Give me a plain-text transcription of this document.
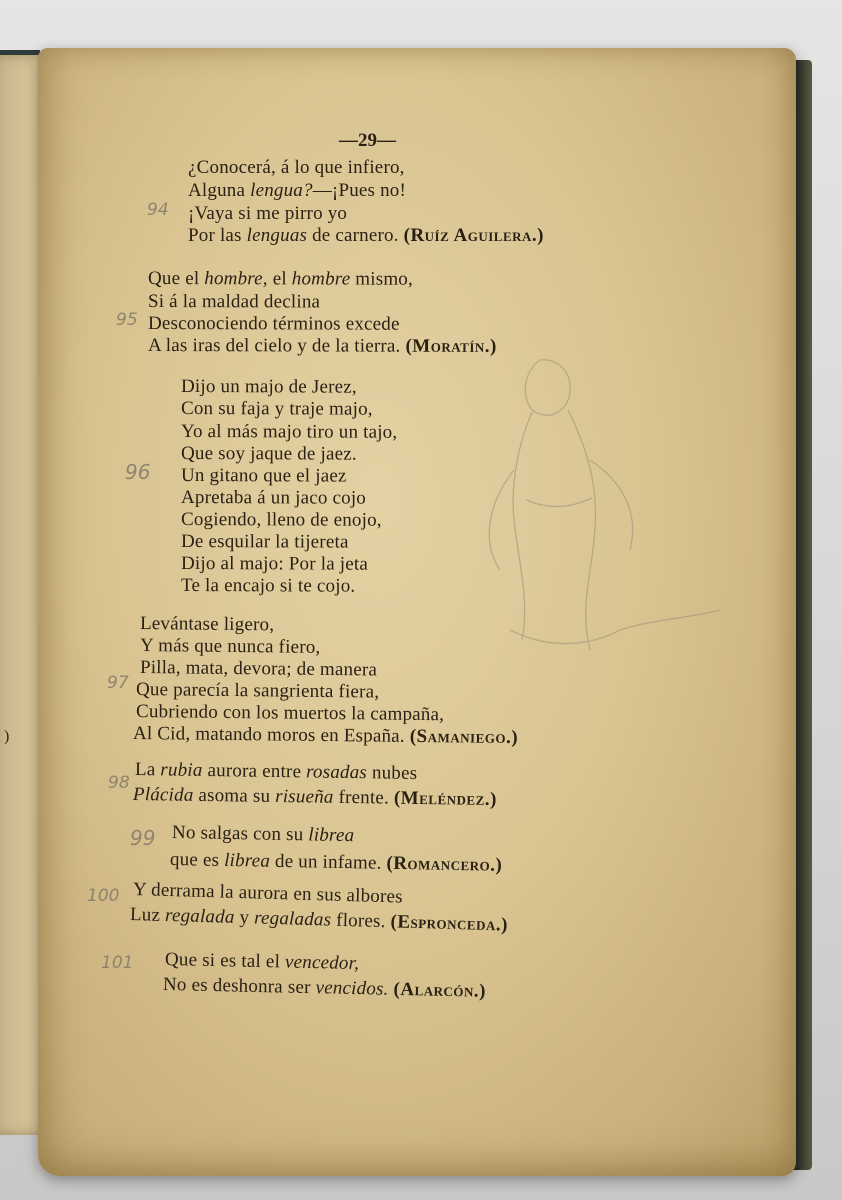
)
—29—
¿Conocerá, á lo que infiero,
Alguna lengua?—¡Pues no!
¡Vaya si me pirro yo
Por las lenguas de carnero. (Ruíz Aguilera.)
Que el hombre, el hombre mismo,
Si á la maldad declina
Desconociendo términos excede
A las iras del cielo y de la tierra. (Moratín.)
Dijo un majo de Jerez,
Con su faja y traje majo,
Yo al más majo tiro un tajo,
Que soy jaque de jaez.
Un gitano que el jaez
Apretaba á un jaco cojo
Cogiendo, lleno de enojo,
De esquilar la tijereta
Dijo al majo: Por la jeta
Te la encajo si te cojo.
Levántase ligero,
Y más que nunca fiero,
Pilla, mata, devora; de manera
Que parecía la sangrienta fiera,
Cubriendo con los muertos la campaña,
Al Cid, matando moros en España. (Samaniego.)
La rubia aurora entre rosadas nubes
Plácida asoma su risueña frente. (Meléndez.)
No salgas con su librea
que es librea de un infame. (Romancero.)
Y derrama la aurora en sus albores
Luz regalada y regaladas flores. (Espronceda.)
Que si es tal el vencedor,
No es deshonra ser vencidos. (Alarcón.)
94
95
96
97
98
99
100
101
